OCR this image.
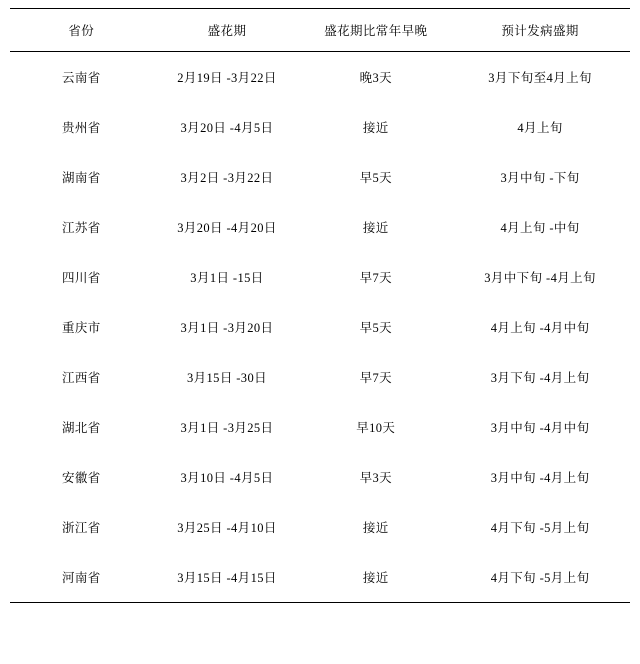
省份	盛花期	盛花期比常年早晚	预计发病盛期
云南省	2月19日 -3月22日	晚3天	3月下旬至4月上旬
贵州省	3月20日 -4月5日	接近	4月上旬
湖南省	3月2日 -3月22日	早5天	3月中旬 -下旬
江苏省	3月20日 -4月20日	接近	4月上旬 -中旬
四川省	3月1日 -15日	早7天	3月中下旬 -4月上旬
重庆市	3月1日 -3月20日	早5天	4月上旬 -4月中旬
江西省	3月15日 -30日	早7天	3月下旬 -4月上旬
湖北省	3月1日 -3月25日	早10天	3月中旬 -4月中旬
安徽省	3月10日 -4月5日	早3天	3月中旬 -4月上旬
浙江省	3月25日 -4月10日	接近	4月下旬 -5月上旬
河南省	3月15日 -4月15日	接近	4月下旬 -5月上旬
